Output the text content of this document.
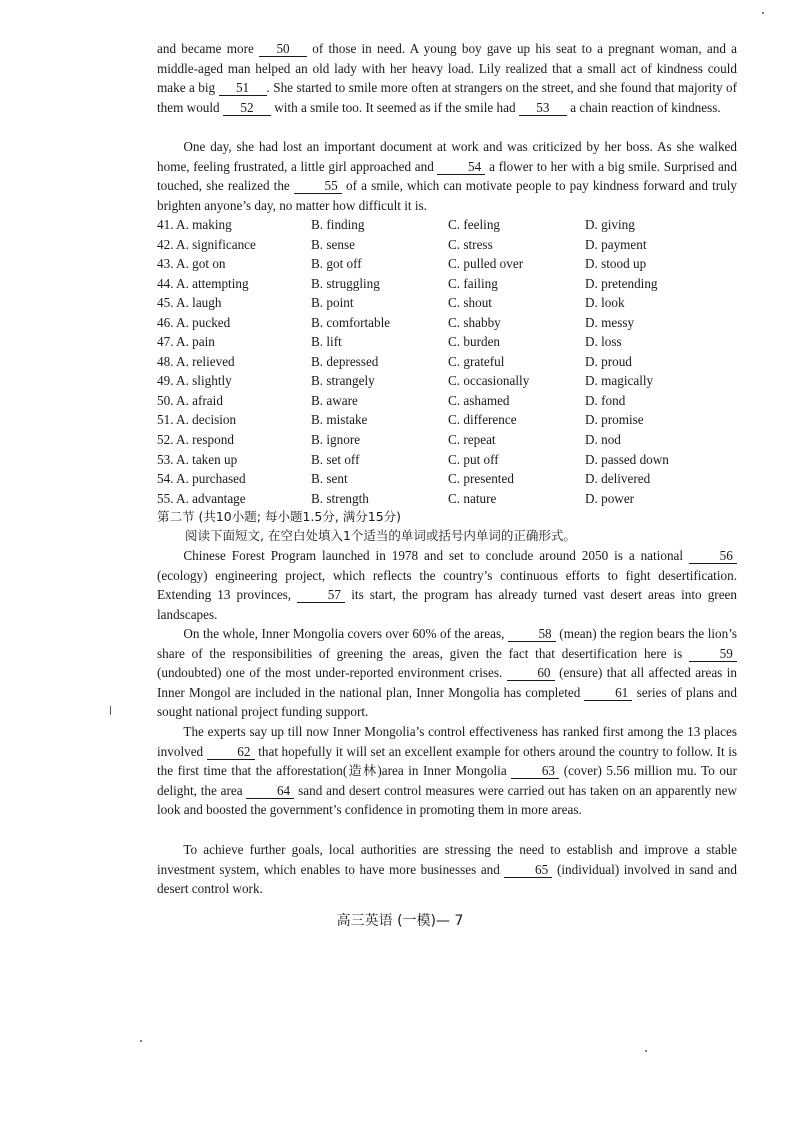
and became more 50 of those in need. A young boy gave up his seat to a pregnant woman, and a middle-aged man helped an old lady with her heavy load. Lily realized that a small act of kindness could make a big 51 . She started to smile more often at strangers on the street, and she found that majority of them would 52 with a smile too. It seemed as if the smile had 53 a chain reaction of kindness.

One day, she had lost an important document at work and was criticized by her boss. As she walked home, feeling frustrated, a little girl approached and 54 a flower to her with a big smile. Surprised and touched, she realized the 55 of a smile, which can motivate people to pay kindness forward and truly brighten anyone’s day, no matter how difficult it is.

41. A. making	B. finding	C. feeling	D. giving
42. A. significance	B. sense	C. stress	D. payment
43. A. got on	B. got off	C. pulled over	D. stood up
44. A. attempting	B. struggling	C. failing	D. pretending
45. A. laugh	B. point	C. shout	D. look
46. A. pucked	B. comfortable	C. shabby	D. messy
47. A. pain	B. lift	C. burden	D. loss
48. A. relieved	B. depressed	C. grateful	D. proud
49. A. slightly	B. strangely	C. occasionally	D. magically
50. A. afraid	B. aware	C. ashamed	D. fond
51. A. decision	B. mistake	C. difference	D. promise
52. A. respond	B. ignore	C. repeat	D. nod
53. A. taken up	B. set off	C. put off	D. passed down
54. A. purchased	B. sent	C. presented	D. delivered
55. A. advantage	B. strength	C. nature	D. power
第二节 (共10小题; 每小题1.5分, 满分15分)
阅读下面短文, 在空白处填入1个适当的单词或括号内单词的正确形式。

Chinese Forest Program launched in 1978 and set to conclude around 2050 is a national 56 (ecology) engineering project, which reflects the country’s continuous efforts to fight desertification. Extending 13 provinces, 57 its start, the program has already turned vast desert areas into green landscapes.

On the whole, Inner Mongolia covers over 60% of the areas, 58 (mean) the region bears the lion’s share of the responsibilities of greening the areas, given the fact that desertification here is 59 (undoubted) one of the most under-reported environment crises. 60 (ensure) that all affected areas in Inner Mongol are included in the national plan, Inner Mongolia has completed 61 series of plans and sought national project funding support.

The experts say up till now Inner Mongolia’s control effectiveness has ranked first among the 13 places involved 62 that hopefully it will set an excellent example for others around the country to follow. It is the first time that the afforestation(造林)area in Inner Mongolia 63 (cover) 5.56 million mu. To our delight, the area 64 sand and desert control measures were carried out has taken on an apparently new look and boosted the government’s confidence in promoting them in more areas.

To achieve further goals, local authorities are stressing the need to establish and improve a stable investment system, which enables to have more businesses and 65 (individual) involved in sand and desert control work.

高三英语 (一模)— 7
